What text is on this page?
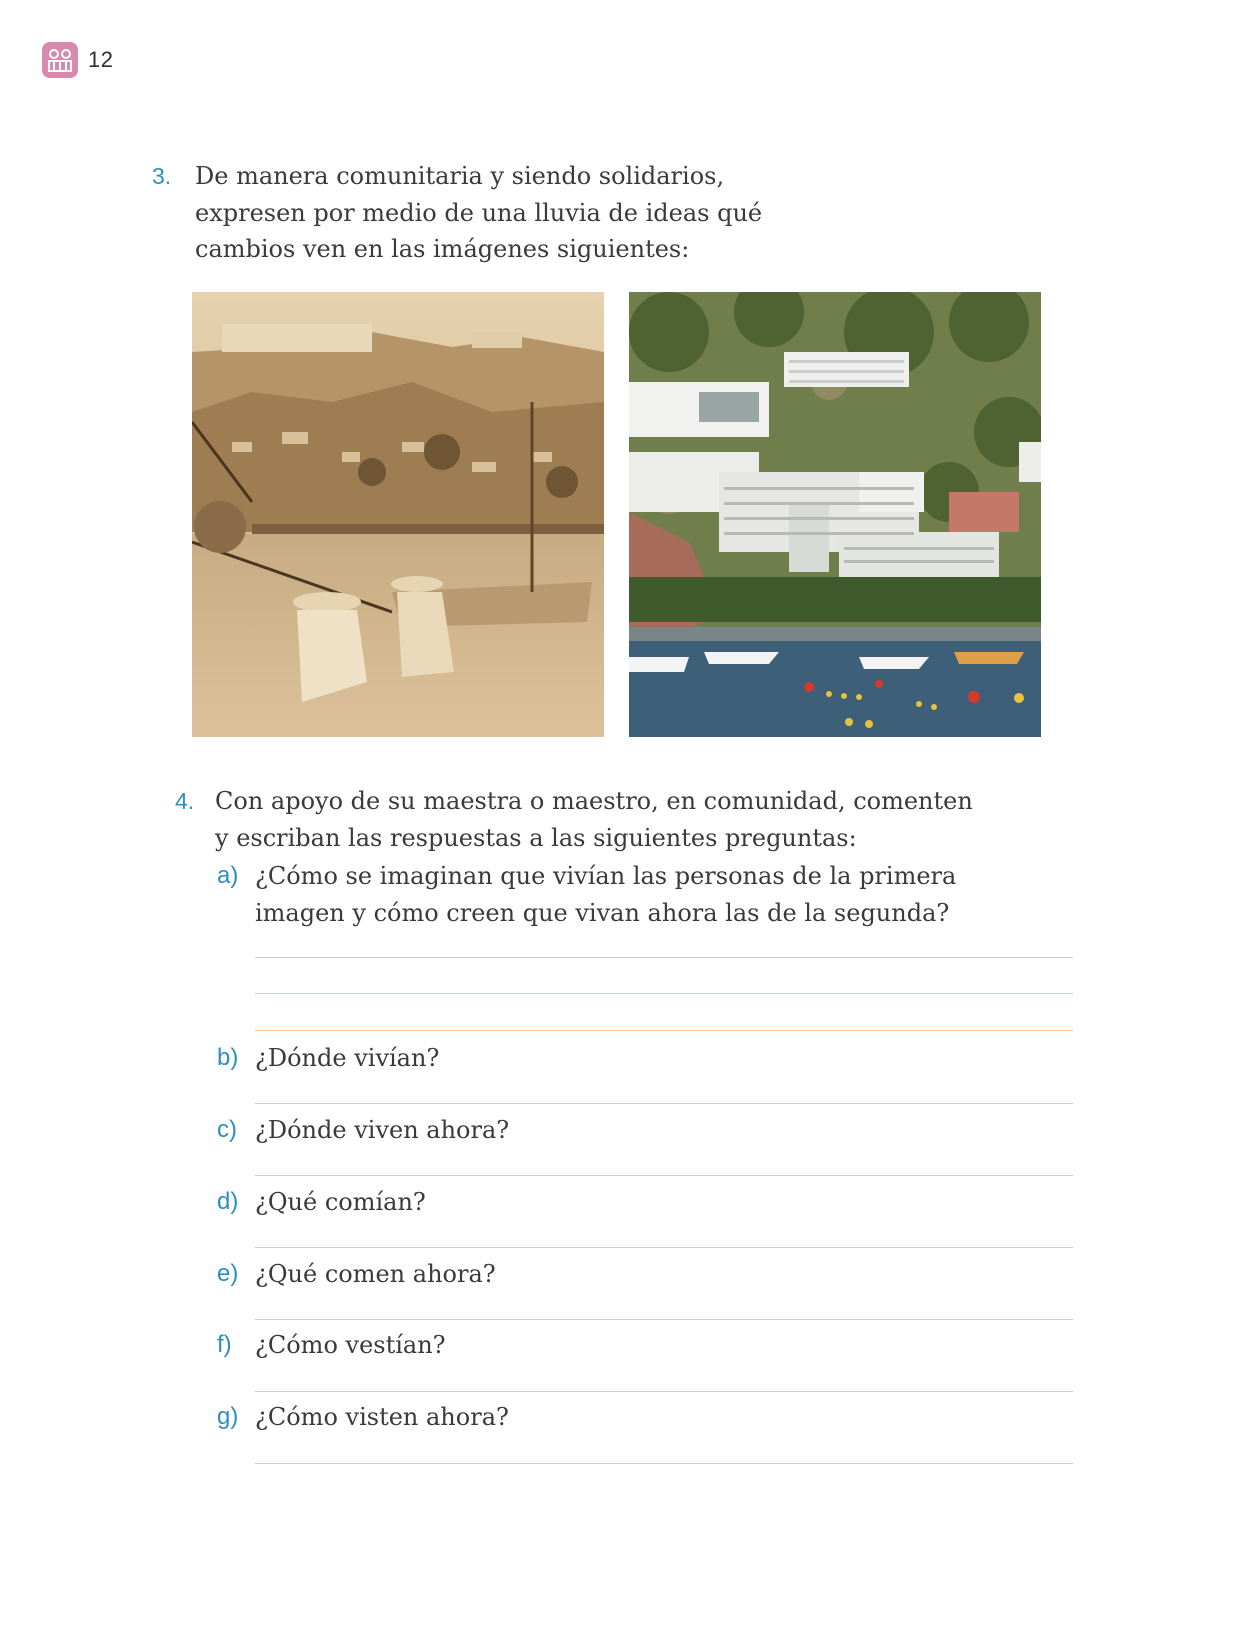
12
3. De manera comunitaria y siendo solidarios,
expresen por medio de una lluvia de ideas qué
cambios ven en las imágenes siguientes:
4. Con apoyo de su maestra o maestro, en comunidad, comenten
y escriban las respuestas a las siguientes preguntas:
a) ¿Cómo se imaginan que vivían las personas de la primera
imagen y cómo creen que vivan ahora las de la segunda?
b) ¿Dónde vivían?
c) ¿Dónde viven ahora?
d) ¿Qué comían?
e) ¿Qué comen ahora?
f) ¿Cómo vestían?
g) ¿Cómo visten ahora?
